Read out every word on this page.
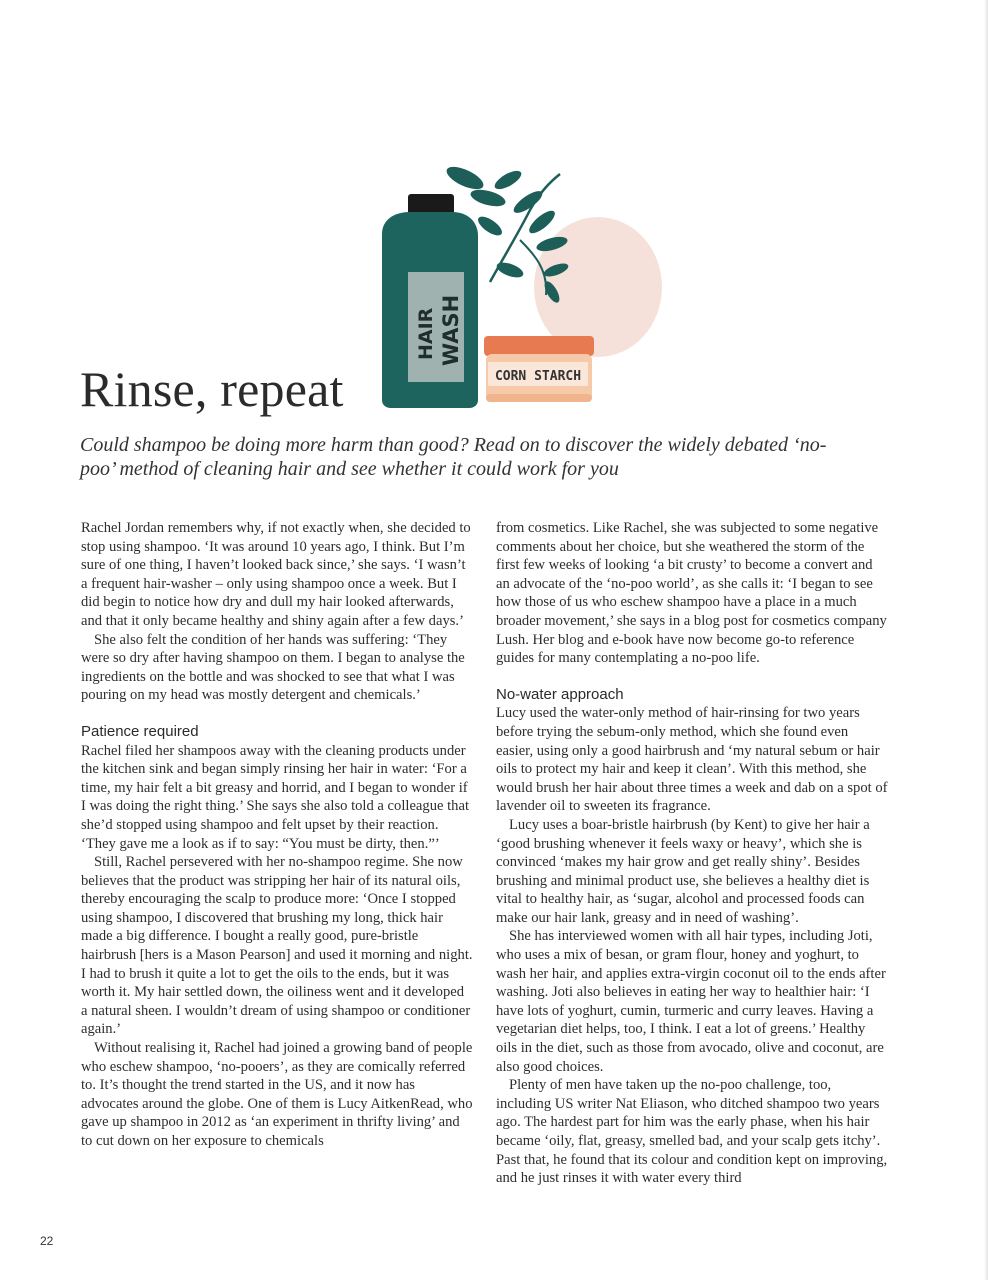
HAIR WASH
CORN STARCH
Rinse, repeat

Could shampoo be doing more harm than good? Read on to discover the widely debated ‘no-poo’ method of cleaning hair and see whether it could work for you

Rachel Jordan remembers why, if not exactly when, she decided to stop using shampoo. ‘It was around 10 years ago, I think. But I’m sure of one thing, I haven’t looked back since,’ she says. ‘I wasn’t a frequent hair-washer – only using shampoo once a week. But I did begin to notice how dry and dull my hair looked afterwards, and that it only became healthy and shiny again after a few days.’

She also felt the condition of her hands was suffering: ‘They were so dry after having shampoo on them. I began to analyse the ingredients on the bottle and was shocked to see that what I was pouring on my head was mostly detergent and chemicals.’

Patience required

Rachel filed her shampoos away with the cleaning products under the kitchen sink and began simply rinsing her hair in water: ‘For a time, my hair felt a bit greasy and horrid, and I began to wonder if I was doing the right thing.’ She says she also told a colleague that she’d stopped using shampoo and felt upset by their reaction. ‘They gave me a look as if to say: “You must be dirty, then.”’

Still, Rachel persevered with her no-shampoo regime. She now believes that the product was stripping her hair of its natural oils, thereby encouraging the scalp to produce more: ‘Once I stopped using shampoo, I discovered that brushing my long, thick hair made a big difference. I bought a really good, pure-bristle hairbrush [hers is a Mason Pearson] and used it morning and night. I had to brush it quite a lot to get the oils to the ends, but it was worth it. My hair settled down, the oiliness went and it developed a natural sheen. I wouldn’t dream of using shampoo or conditioner again.’

Without realising it, Rachel had joined a growing band of people who eschew shampoo, ‘no-pooers’, as they are comically referred to. It’s thought the trend started in the US, and it now has advocates around the globe. One of them is Lucy AitkenRead, who gave up shampoo in 2012 as ‘an experiment in thrifty living’ and to cut down on her exposure to chemicals

from cosmetics. Like Rachel, she was subjected to some negative comments about her choice, but she weathered the storm of the first few weeks of looking ‘a bit crusty’ to become a convert and an advocate of the ‘no-poo world’, as she calls it: ‘I began to see how those of us who eschew shampoo have a place in a much broader movement,’ she says in a blog post for cosmetics company Lush. Her blog and e-book have now become go-to reference guides for many contemplating a no-poo life.

No-water approach

Lucy used the water-only method of hair-rinsing for two years before trying the sebum-only method, which she found even easier, using only a good hairbrush and ‘my natural sebum or hair oils to protect my hair and keep it clean’. With this method, she would brush her hair about three times a week and dab on a spot of lavender oil to sweeten its fragrance.

Lucy uses a boar-bristle hairbrush (by Kent) to give her hair a ‘good brushing whenever it feels waxy or heavy’, which she is convinced ‘makes my hair grow and get really shiny’. Besides brushing and minimal product use, she believes a healthy diet is vital to healthy hair, as ‘sugar, alcohol and processed foods can make our hair lank, greasy and in need of washing’.

She has interviewed women with all hair types, including Joti, who uses a mix of besan, or gram flour, honey and yoghurt, to wash her hair, and applies extra-virgin coconut oil to the ends after washing. Joti also believes in eating her way to healthier hair: ‘I have lots of yoghurt, cumin, turmeric and curry leaves. Having a vegetarian diet helps, too, I think. I eat a lot of greens.’ Healthy oils in the diet, such as those from avocado, olive and coconut, are also good choices.

Plenty of men have taken up the no-poo challenge, too, including US writer Nat Eliason, who ditched shampoo two years ago. The hardest part for him was the early phase, when his hair became ‘oily, flat, greasy, smelled bad, and your scalp gets itchy’. Past that, he found that its colour and condition kept on improving, and he just rinses it with water every third

22
